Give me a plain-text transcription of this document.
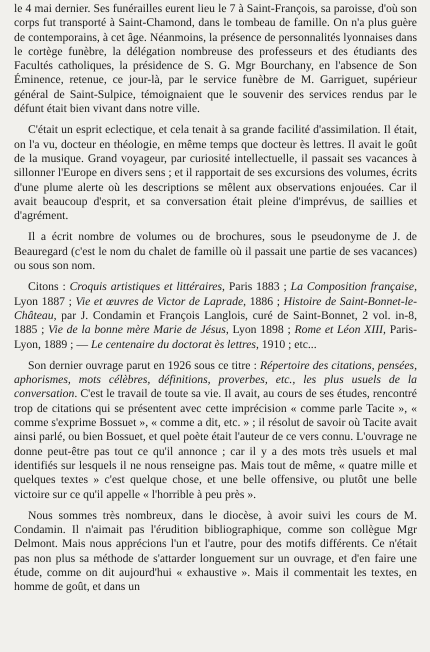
le 4 mai dernier. Ses funérailles eurent lieu le 7 à Saint-François, sa paroisse, d'où son corps fut transporté à Saint-Chamond, dans le tombeau de famille. On n'a plus guère de contemporains, à cet âge. Néanmoins, la présence de personnalités lyonnaises dans le cortège funèbre, la délégation nombreuse des professeurs et des étudiants des Facultés catholiques, la présidence de S. G. Mgr Bourchany, en l'absence de Son Éminence, retenue, ce jour-là, par le service funèbre de M. Garriguet, supérieur général de Saint-Sulpice, témoignaient que le souvenir des services rendus par le défunt était bien vivant dans notre ville.

C'était un esprit eclectique, et cela tenait à sa grande facilité d'assimilation. Il était, on l'a vu, docteur en théologie, en même temps que docteur ès lettres. Il avait le goût de la musique. Grand voyageur, par curiosité intellectuelle, il passait ses vacances à sillonner l'Europe en divers sens ; et il rapportait de ses excursions des volumes, écrits d'une plume alerte où les descriptions se mêlent aux observations enjouées. Car il avait beaucoup d'esprit, et sa conversation était pleine d'imprévus, de saillies et d'agrément.

Il a écrit nombre de volumes ou de brochures, sous le pseudonyme de J. de Beauregard (c'est le nom du chalet de famille où il passait une partie de ses vacances) ou sous son nom.

Citons : Croquis artistiques et littéraires, Paris 1883 ; La Composition française, Lyon 1887 ; Vie et œuvres de Victor de Laprade, 1886 ; Histoire de Saint-Bonnet-le-Château, par J. Condamin et François Langlois, curé de Saint-Bonnet, 2 vol. in-8, 1885 ; Vie de la bonne mère Marie de Jésus, Lyon 1898 ; Rome et Léon XIII, Paris-Lyon, 1889 ; — Le centenaire du doctorat ès lettres, 1910 ; etc...

Son dernier ouvrage parut en 1926 sous ce titre : Répertoire des citations, pensées, aphorismes, mots célèbres, définitions, proverbes, etc., les plus usuels de la conversation. C'est le travail de toute sa vie. Il avait, au cours de ses études, rencontré trop de citations qui se présentent avec cette imprécision « comme parle Tacite », « comme s'exprime Bossuet », « comme a dit, etc. » ; il résolut de savoir où Tacite avait ainsi parlé, ou bien Bossuet, et quel poète était l'auteur de ce vers connu. L'ouvrage ne donne peut-être pas tout ce qu'il annonce ; car il y a des mots très usuels et mal identifiés sur lesquels il ne nous renseigne pas. Mais tout de même, « quatre mille et quelques textes » c'est quelque chose, et une belle offensive, ou plutôt une belle victoire sur ce qu'il appelle « l'horrible à peu près ».

Nous sommes très nombreux, dans le diocèse, à avoir suivi les cours de M. Condamin. Il n'aimait pas l'érudition bibliographique, comme son collègue Mgr Delmont. Mais nous apprécions l'un et l'autre, pour des motifs différents. Ce n'était pas non plus sa méthode de s'attarder longuement sur un ouvrage, et d'en faire une étude, comme on dit aujourd'hui « exhaustive ». Mais il commentait les textes, en homme de goût, et dans un
